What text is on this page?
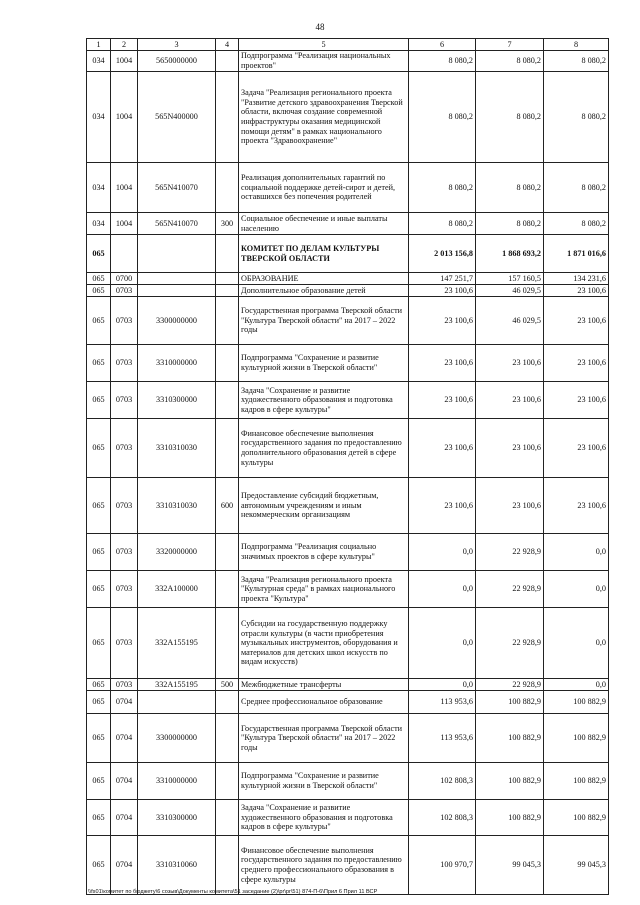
48
1	2	3	4	5	6	7	8
034	1004	5650000000		Подпрограмма "Реализация национальных проектов"	8 080,2	8 080,2	8 080,2
034	1004	565N400000		Задача "Реализация регионального проекта "Развитие детского здравоохранения Тверской области, включая создание современной инфраструктуры оказания медицинской помощи детям" в рамках национального проекта "Здравоохранение"	8 080,2	8 080,2	8 080,2
034	1004	565N410070		Реализация дополнительных гарантий по социальной поддержке детей-сирот и детей, оставшихся без попечения родителей	8 080,2	8 080,2	8 080,2
034	1004	565N410070	300	Социальное обеспечение и иные выплаты населению	8 080,2	8 080,2	8 080,2
065				КОМИТЕТ ПО ДЕЛАМ КУЛЬТУРЫ ТВЕРСКОЙ ОБЛАСТИ	2 013 156,8	1 868 693,2	1 871 016,6
065	0700			ОБРАЗОВАНИЕ	147 251,7	157 160,5	134 231,6
065	0703			Дополнительное образование детей	23 100,6	46 029,5	23 100,6
065	0703	3300000000		Государственная программа Тверской области "Культура Тверской области" на 2017 – 2022 годы	23 100,6	46 029,5	23 100,6
065	0703	3310000000		Подпрограмма "Сохранение и развитие культурной жизни в Тверской области"	23 100,6	23 100,6	23 100,6
065	0703	3310300000		Задача "Сохранение и развитие художественного образования и подготовка кадров в сфере культуры"	23 100,6	23 100,6	23 100,6
065	0703	3310310030		Финансовое обеспечение выполнения государственного задания по предоставлению дополнительного образования детей в сфере культуры	23 100,6	23 100,6	23 100,6
065	0703	3310310030	600	Предоставление субсидий бюджетным, автономным учреждениям и иным некоммерческим организациям	23 100,6	23 100,6	23 100,6
065	0703	3320000000		Подпрограмма "Реализация социально значимых проектов в сфере культуры"	0,0	22 928,9	0,0
065	0703	332A100000		Задача "Реализация регионального проекта "Культурная среда" в рамках национального проекта "Культура"	0,0	22 928,9	0,0
065	0703	332A155195		Субсидии на государственную поддержку отрасли культуры (в части приобретения музыкальных инструментов, оборудования и материалов для детских школ искусств по видам искусств)	0,0	22 928,9	0,0
065	0703	332A155195	500	Межбюджетные трансферты	0,0	22 928,9	0,0
065	0704			Среднее профессиональное образование	113 953,6	100 882,9	100 882,9
065	0704	3300000000		Государственная программа Тверской области "Культура Тверской области" на 2017 – 2022 годы	113 953,6	100 882,9	100 882,9
065	0704	3310000000		Подпрограмма "Сохранение и развитие культурной жизни в Тверской области"	102 808,3	100 882,9	100 882,9
065	0704	3310300000		Задача "Сохранение и развитие художественного образования и подготовка кадров в сфере культуры"	102 808,3	100 882,9	100 882,9
065	0704	3310310060		Финансовое обеспечение выполнения государственного задания по предоставлению среднего профессионального образования в сфере культуры	100 970,7	99 045,3	99 045,3
\\fs01\комитет по бюджету\6 созыв\Документы комитета\51 заседание (2)\pr\pr\51) 874-П-6\Прил 6 Прил 11 ВСР
